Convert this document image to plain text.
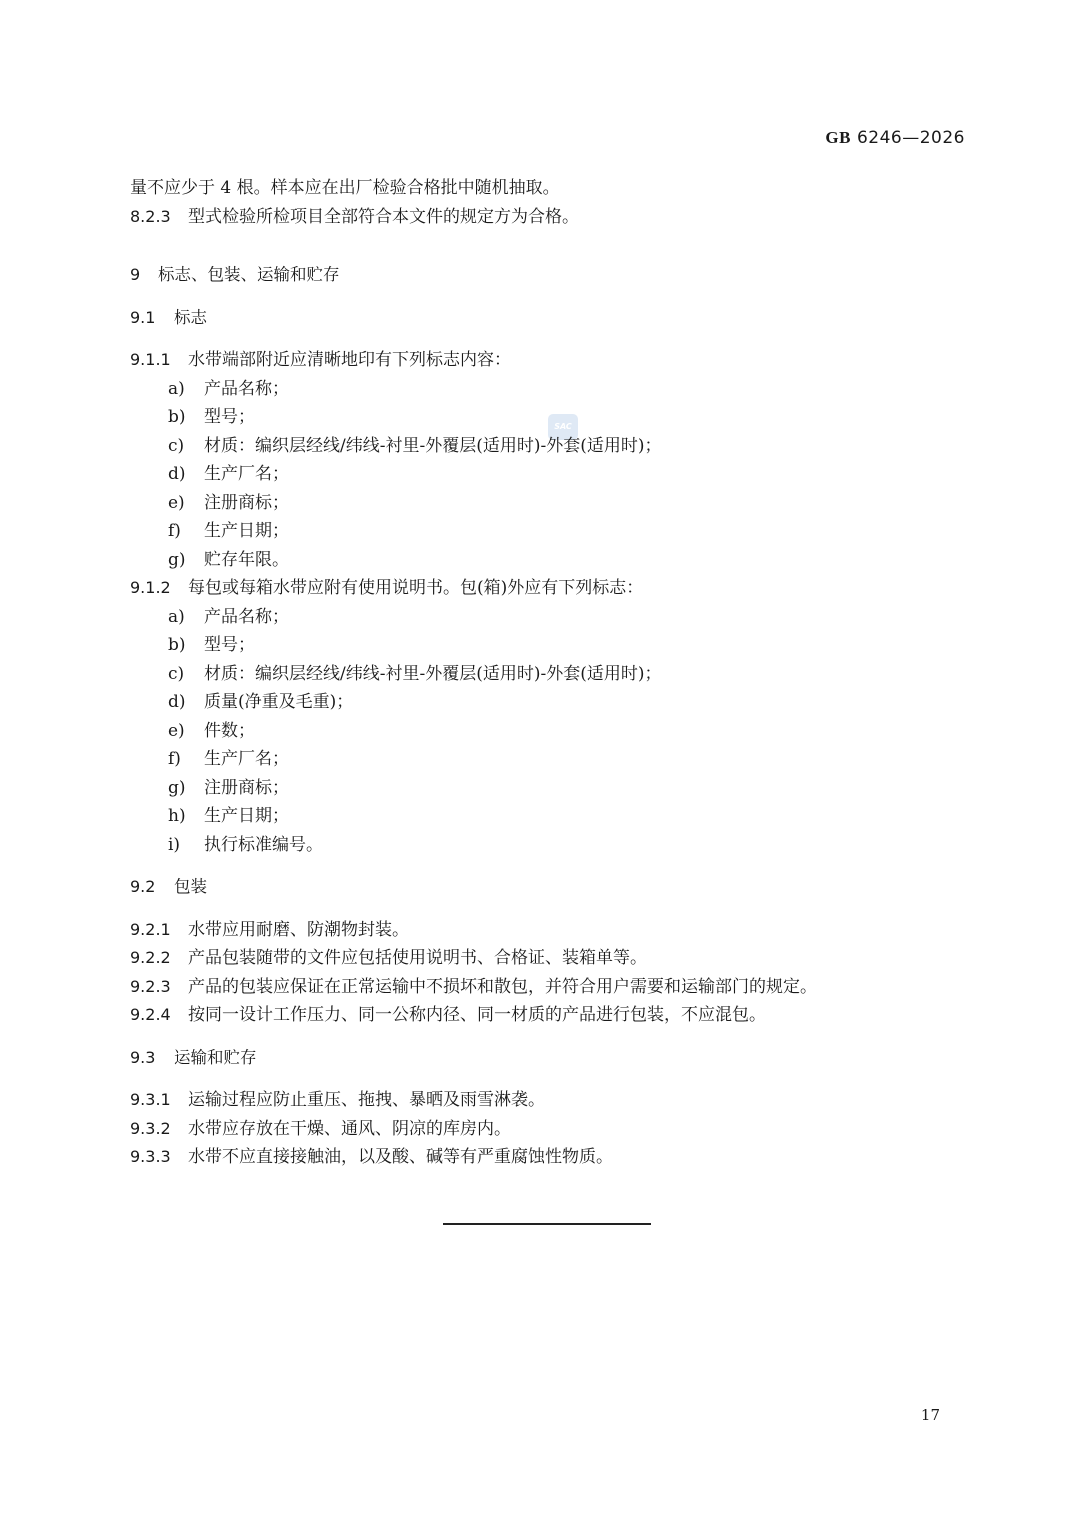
GB 6246—2026
SAC
量不应少于 4 根。样本应在出厂检验合格批中随机抽取。
8.2.3 型式检验所检项目全部符合本文件的规定方为合格。
9 标志、包装、运输和贮存
9.1 标志
9.1.1 水带端部附近应清晰地印有下列标志内容：
a) 产品名称；
b) 型号；
c) 材质：编织层经线/纬线-衬里-外覆层(适用时)-外套(适用时)；
d) 生产厂名；
e) 注册商标；
f) 生产日期；
g) 贮存年限。
9.1.2 每包或每箱水带应附有使用说明书。包(箱)外应有下列标志：
a) 产品名称；
b) 型号；
c) 材质：编织层经线/纬线-衬里-外覆层(适用时)-外套(适用时)；
d) 质量(净重及毛重)；
e) 件数；
f) 生产厂名；
g) 注册商标；
h) 生产日期；
i) 执行标准编号。
9.2 包装
9.2.1 水带应用耐磨、防潮物封装。
9.2.2 产品包装随带的文件应包括使用说明书、合格证、装箱单等。
9.2.3 产品的包装应保证在正常运输中不损坏和散包，并符合用户需要和运输部门的规定。
9.2.4 按同一设计工作压力、同一公称内径、同一材质的产品进行包装，不应混包。
9.3 运输和贮存
9.3.1 运输过程应防止重压、拖拽、暴晒及雨雪淋袭。
9.3.2 水带应存放在干燥、通风、阴凉的库房内。
9.3.3 水带不应直接接触油，以及酸、碱等有严重腐蚀性物质。
17
